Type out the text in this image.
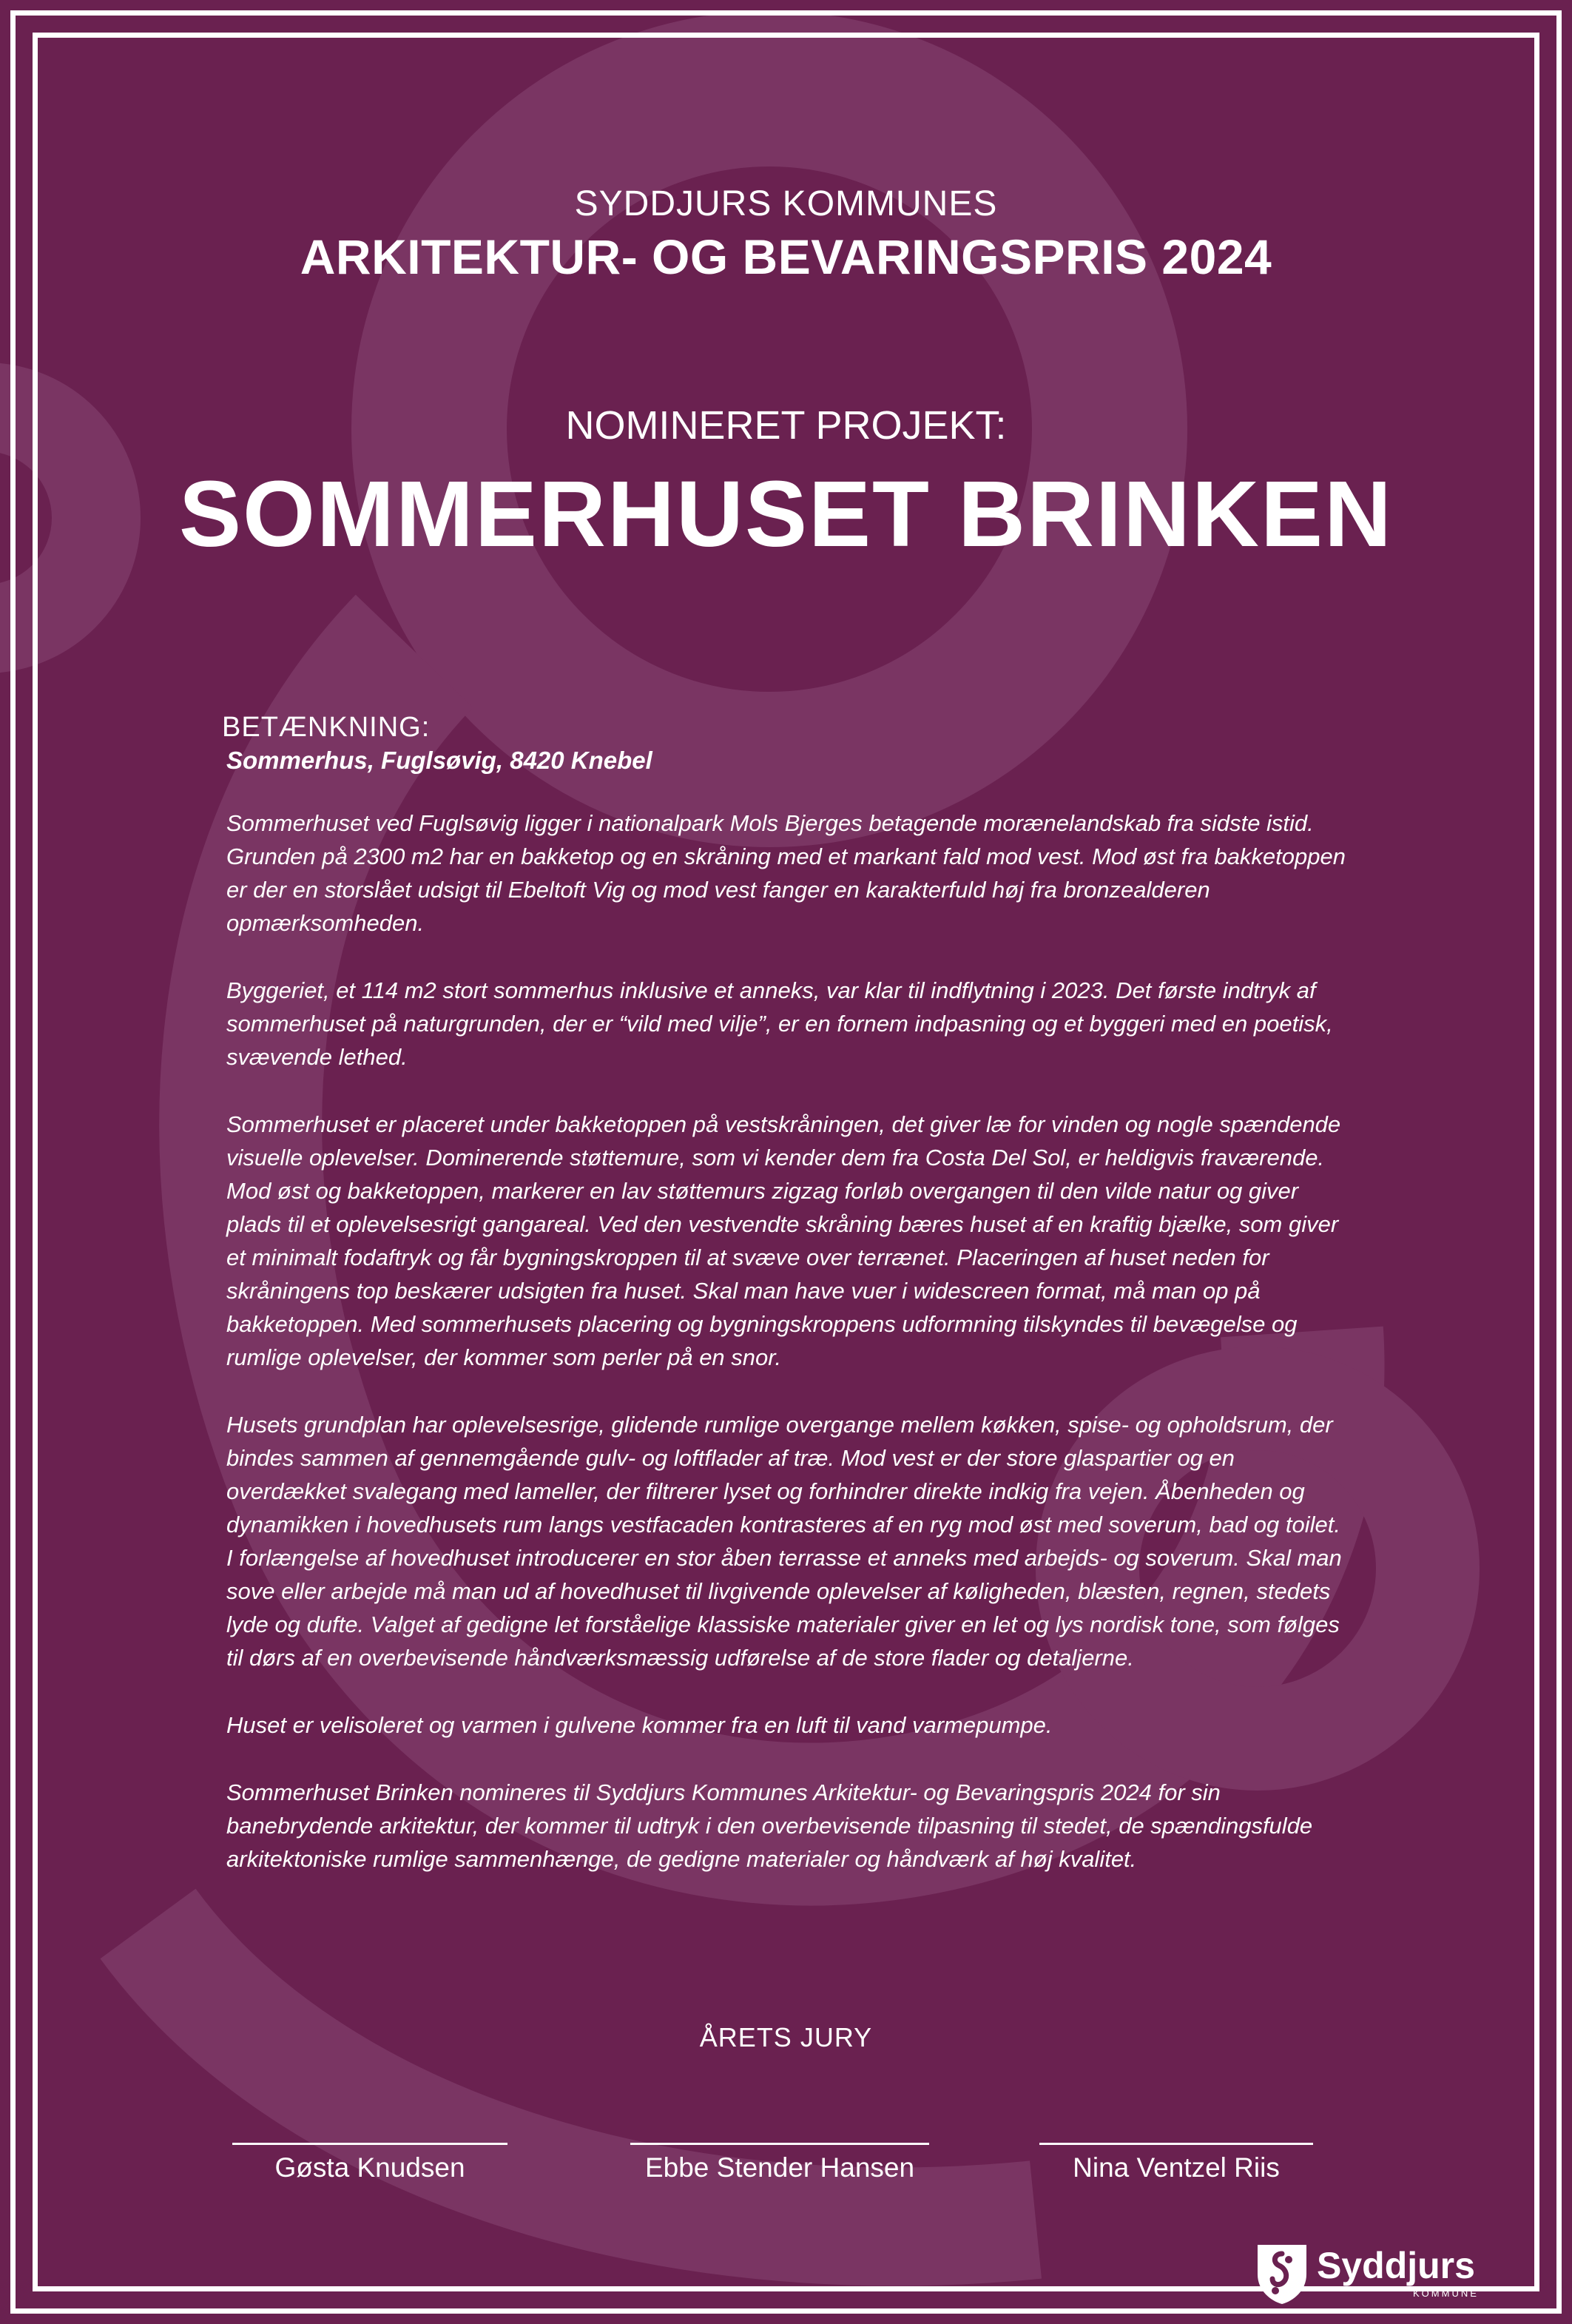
SYDDJURS KOMMUNES
ARKITEKTUR- OG BEVARINGSPRIS 2024
NOMINERET PROJEKT:
SOMMERHUSET BRINKEN
BETÆNKNING:
Sommerhus, Fuglsøvig, 8420 Knebel

Sommerhuset ved Fuglsøvig ligger i nationalpark Mols Bjerges betagende morænelandskab fra sidste istid. Grunden på 2300 m2 har en bakketop og en skråning med et markant fald mod vest. Mod øst fra bakketoppen er der en storslået udsigt til Ebeltoft Vig og mod vest fanger en karakterfuld høj fra bronzealderen opmærksomheden.

Byggeriet, et 114 m2 stort sommerhus inklusive et anneks, var klar til indflytning i 2023. Det første indtryk af sommerhuset på naturgrunden, der er “vild med vilje”, er en fornem indpasning og et byggeri med en poetisk, svævende lethed.

Sommerhuset er placeret under bakketoppen på vestskråningen, det giver læ for vinden og nogle spændende visuelle oplevelser. Dominerende støttemure, som vi kender dem fra Costa Del Sol, er heldigvis fraværende. Mod øst og bakketoppen, markerer en lav støttemurs zigzag forløb overgangen til den vilde natur og giver plads til et oplevelsesrigt gangareal. Ved den vestvendte skråning bæres huset af en kraftig bjælke, som giver et minimalt fodaftryk og får bygningskroppen til at svæve over terrænet. Placeringen af huset neden for skråningens top beskærer udsigten fra huset. Skal man have vuer i widescreen format, må man op på bakketoppen. Med sommerhusets placering og bygningskroppens udformning tilskyndes til bevægelse og rumlige oplevelser, der kommer som perler på en snor.

Husets grundplan har oplevelsesrige, glidende rumlige overgange mellem køkken, spise- og opholdsrum, der bindes sammen af gennemgående gulv- og loftflader af træ. Mod vest er der store glaspartier og en overdækket svalegang med lameller, der filtrerer lyset og forhindrer direkte indkig fra vejen. Åbenheden og dynamikken i hovedhusets rum langs vestfacaden kontrasteres af en ryg mod øst med soverum, bad og toilet. I forlængelse af hovedhuset introducerer en stor åben terrasse et anneks med arbejds- og soverum. Skal man sove eller arbejde må man ud af hovedhuset til livgivende oplevelser af køligheden, blæsten, regnen, stedets lyde og dufte. Valget af gedigne let forståelige klassiske materialer giver en let og lys nordisk tone, som følges til dørs af en overbevisende håndværksmæssig udførelse af de store flader og detaljerne.

Huset er velisoleret og varmen i gulvene kommer fra en luft til vand varmepumpe.

Sommerhuset Brinken nomineres til Syddjurs Kommunes Arkitektur- og Bevaringspris 2024 for sin banebrydende arkitektur, der kommer til udtryk i den overbevisende tilpasning til stedet, de spændingsfulde arkitektoniske rumlige sammenhænge, de gedigne materialer og håndværk af høj kvalitet.

ÅRETS JURY
Gøsta Knudsen	Ebbe Stender Hansen	Nina Ventzel Riis
Syddjurs
KOMMUNE
